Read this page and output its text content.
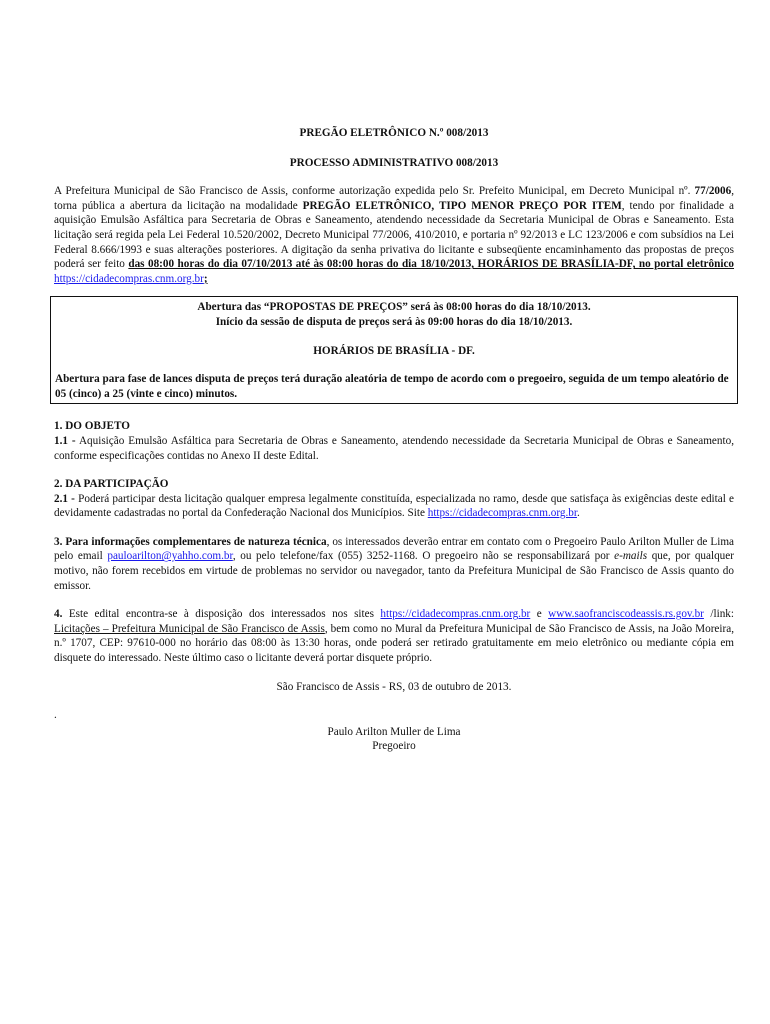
PREGÃO ELETRÔNICO N.º 008/2013

PROCESSO ADMINISTRATIVO 008/2013

A Prefeitura Municipal de São Francisco de Assis, conforme autorização expedida pelo Sr. Prefeito Municipal, em Decreto Municipal nº. 77/2006, torna pública a abertura da licitação na modalidade PREGÃO ELETRÔNICO, TIPO MENOR PREÇO POR ITEM, tendo por finalidade a aquisição Emulsão Asfáltica para Secretaria de Obras e Saneamento, atendendo necessidade da Secretaria Municipal de Obras e Saneamento. Esta licitação será regida pela Lei Federal 10.520/2002, Decreto Municipal 77/2006, 410/2010, e portaria nº 92/2013 e LC 123/2006 e com subsídios na Lei Federal 8.666/1993 e suas alterações posteriores. A digitação da senha privativa do licitante e subseqüente encaminhamento das propostas de preços poderá ser feito das 08:00 horas do dia 07/10/2013 até às 08:00 horas do dia 18/10/2013, HORÁRIOS DE BRASÍLIA-DF, no portal eletrônico https://cidadecompras.cnm.org.br;

Abertura das “PROPOSTAS DE PREÇOS” será às 08:00 horas do dia 18/10/2013.

Início da sessão de disputa de preços será às 09:00 horas do dia 18/10/2013.

HORÁRIOS DE BRASÍLIA - DF.

Abertura para fase de lances disputa de preços terá duração aleatória de tempo de acordo com o pregoeiro, seguida de um tempo aleatório de 05 (cinco) a 25 (vinte e cinco) minutos.

1. DO OBJETO

1.1 - Aquisição Emulsão Asfáltica para Secretaria de Obras e Saneamento, atendendo necessidade da Secretaria Municipal de Obras e Saneamento, conforme especificações contidas no Anexo II deste Edital.

2. DA PARTICIPAÇÃO

2.1 - Poderá participar desta licitação qualquer empresa legalmente constituída, especializada no ramo, desde que satisfaça às exigências deste edital e devidamente cadastradas no portal da Confederação Nacional dos Municípios. Site https://cidadecompras.cnm.org.br.

3. Para informações complementares de natureza técnica, os interessados deverão entrar em contato com o Pregoeiro Paulo Arilton Muller de Lima pelo email pauloarilton@yahho.com.br, ou pelo telefone/fax (055) 3252-1168. O pregoeiro não se responsabilizará por e-mails que, por qualquer motivo, não forem recebidos em virtude de problemas no servidor ou navegador, tanto da Prefeitura Municipal de São Francisco de Assis quanto do emissor.

4. Este edital encontra-se à disposição dos interessados nos sites https://cidadecompras.cnm.org.br e www.saofranciscodeassis.rs.gov.br /link: Licitações – Prefeitura Municipal de São Francisco de Assis, bem como no Mural da Prefeitura Municipal de São Francisco de Assis, na João Moreira, n.º 1707, CEP: 97610-000 no horário das 08:00 às 13:30 horas, onde poderá ser retirado gratuitamente em meio eletrônico ou mediante cópia em disquete do interessado. Neste último caso o licitante deverá portar disquete próprio.

São Francisco de Assis - RS, 03 de outubro de 2013.

.

Paulo Arilton Muller de Lima

Pregoeiro
